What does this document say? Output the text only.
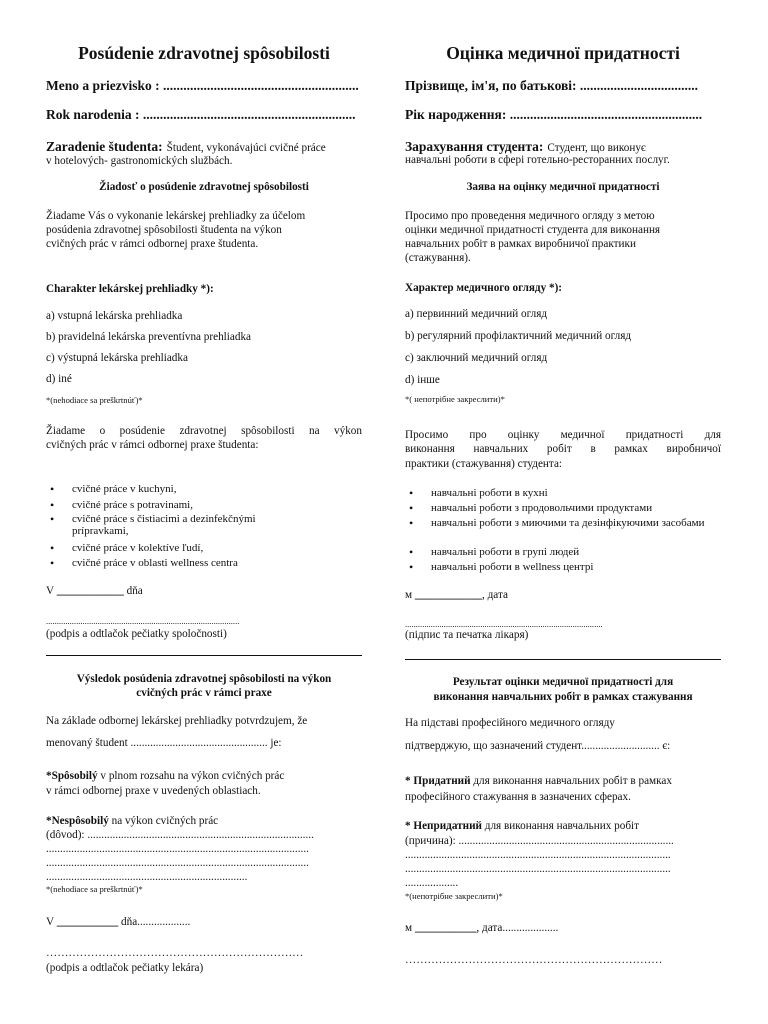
Posúdenie zdravotnej spôsobilosti
Meno a priezvisko : ..........................................................
Rok narodenia : ...............................................................
Zaradenie študenta: Študent, vykonávajúci cvičné práce
v hotelových- gastronomických službách.
Žiadosť o posúdenie zdravotnej spôsobilosti
Žiadame Vás o vykonanie lekárskej prehliadky za účelom
posúdenia zdravotnej spôsobilosti študenta na výkon
cvičných prác v rámci odbornej praxe študenta.
Charakter lekárskej prehliadky *):
a) vstupná lekárska prehliadka
b) pravidelná lekárska preventívna prehliadka
c) výstupná lekárska prehliadka
d) iné
*(nehodiace sa preškrtnúť)*
Žiadame o posúdenie zdravotnej spôsobilosti na výkon
cvičných prác v rámci odbornej praxe študenta:
• cvičné práce v kuchyni,
• cvičné práce s potravinami,
• cvičné práce s čistiacimi a dezinfekčnými prípravkami,
• cvičné práce v kolektíve ľudí,
• cvičné práce v oblasti wellness centra
V ____________ dňa
..........................................................................................
(podpis a odtlačok pečiatky spoločnosti)
Výsledok posúdenia zdravotnej spôsobilosti na výkon
cvičných prác v rámci praxe
Na základe odbornej lekárskej prehliadky potvrdzujem, že
menovaný študent ................................................. je:
*Spôsobilý v plnom rozsahu na výkon cvičných prác
v rámci odbornej praxe v uvedených oblastiach.
*Nespôsobilý na výkon cvičných prác
(dôvod): .................................................................................
..............................................................................................
..............................................................................................
........................................................................
*(nehodiace sa preškrtnúť)*
V ___________ dňa...................
……………………………………………………………
(podpis a odtlačok pečiatky lekára)
Оцінка медичної придатності
Прізвище, ім'я, по батькові: ...................................
Рік народження: .........................................................
Зарахування студента: Студент, що виконує
навчальні роботи в сфері готельно-ресторанних послуг.
Заява на оцінку медичної придатності
Просимо про проведення медичного огляду з метою
оцінки медичної придатності студента для виконання
навчальних робіт в рамках виробничої практики
(стажування).
Характер медичного огляду *):
а) первинний медичний огляд
b) регулярний профілактичний медичний огляд
c) заключний медичний огляд
d) інше
*( непотрібне закреслити)*
Просимо про оцінку медичної придатності для
виконання навчальних робіт в рамках виробничої
практики (стажування) студента:
• навчальні роботи в кухні
• навчальні роботи з продовольчими продуктами
• навчальні роботи з миючими та дезінфікуючими засобами
• навчальні роботи в групі людей
• навчальні роботи в wellness центрі
м ____________, дата
............................................................................................
(підпис та печатка лікаря)
Результат оцінки медичної придатності для
виконання навчальних робіт в рамках стажування
На підставі професійного медичного огляду
підтверджую, що зазначений студент............................ є:
* Придатний для виконання навчальних робіт в рамках
професійного стажування в зазначених сферах.
* Непридатний для виконання навчальних робіт
(причина): .............................................................................
...............................................................................................
...............................................................................................
...................
*(непотрібне закреслити)*
м ___________, дата....................
……………………………………………………………
